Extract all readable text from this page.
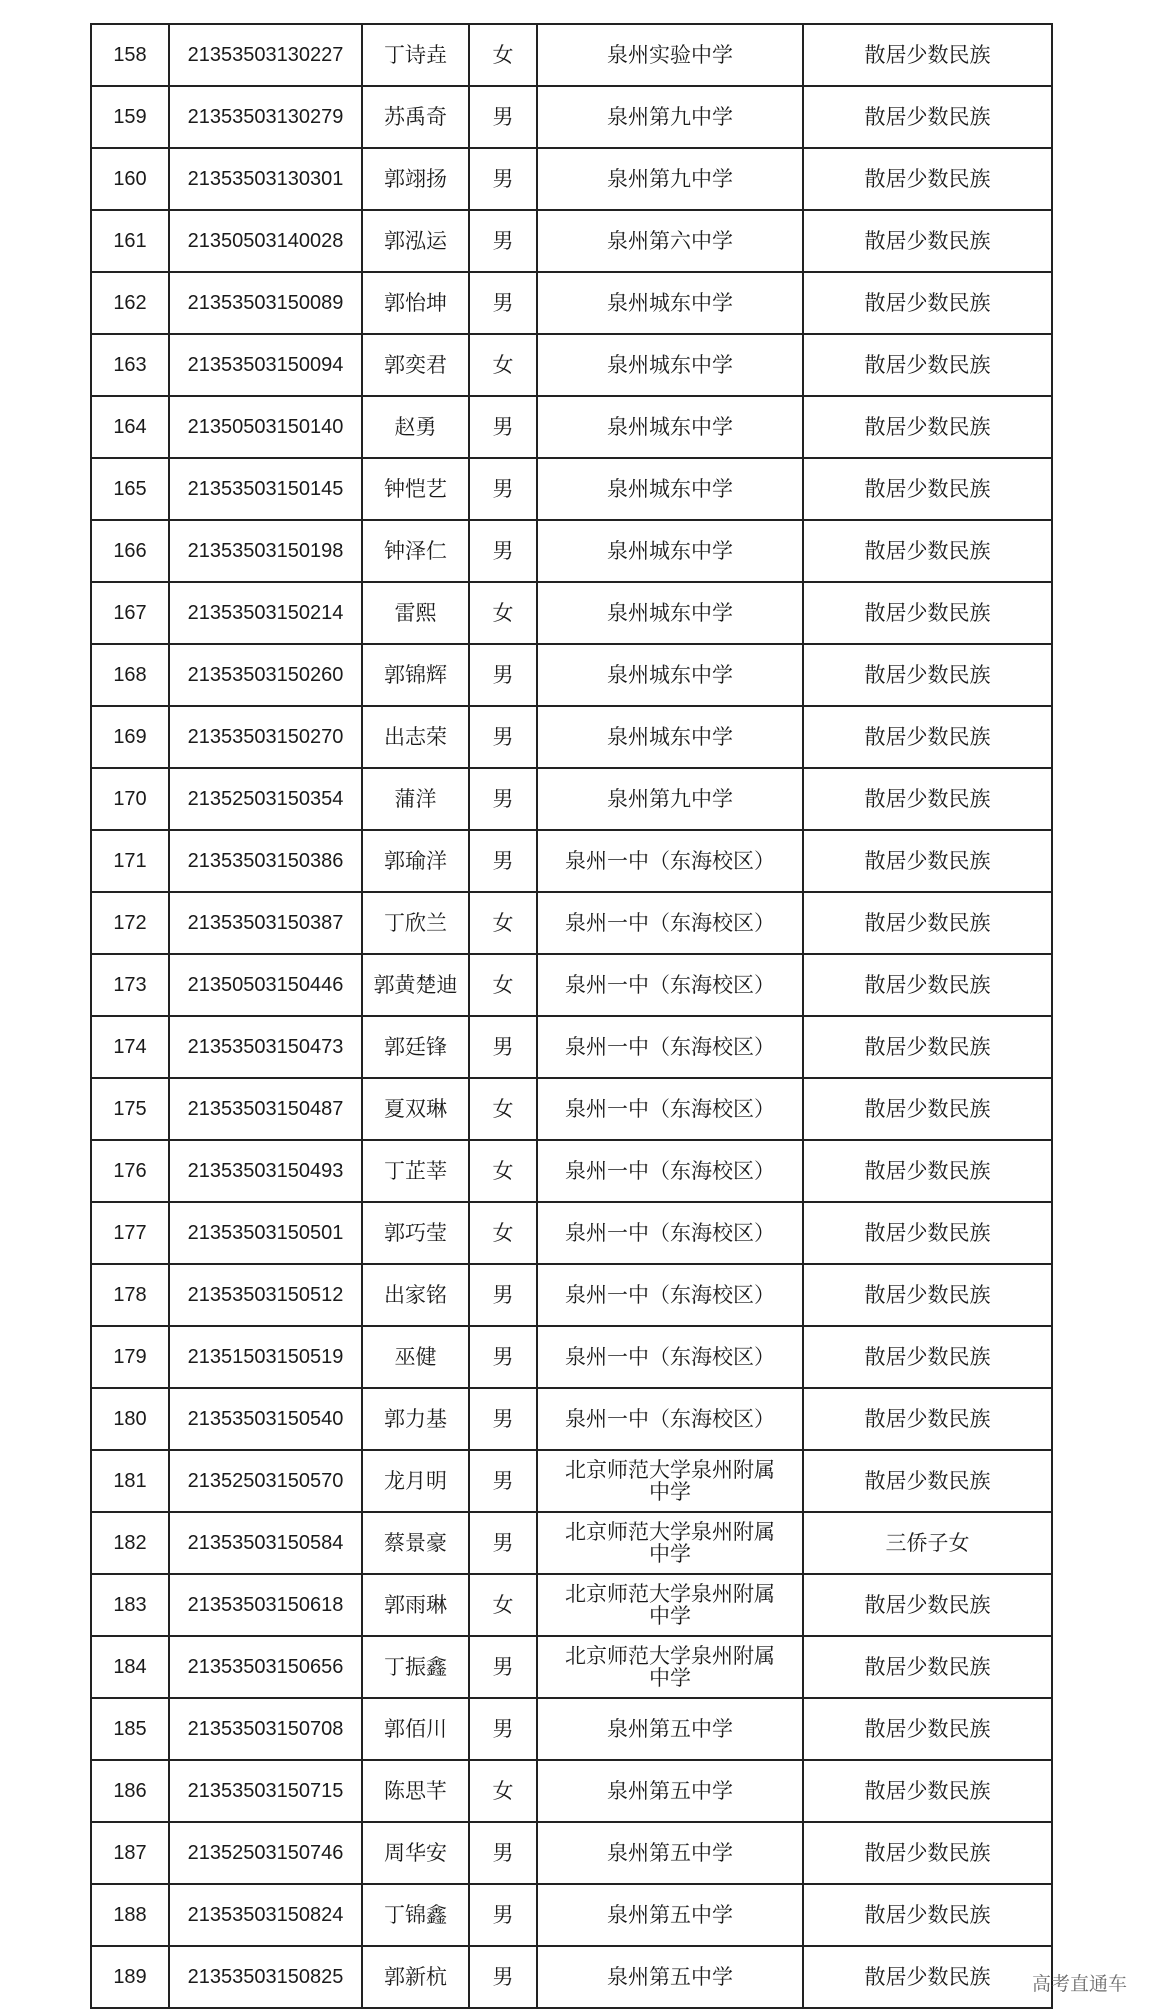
158	21353503130227	丁诗垚	女	泉州实验中学	散居少数民族
159	21353503130279	苏禹奇	男	泉州第九中学	散居少数民族
160	21353503130301	郭翊扬	男	泉州第九中学	散居少数民族
161	21350503140028	郭泓运	男	泉州第六中学	散居少数民族
162	21353503150089	郭怡坤	男	泉州城东中学	散居少数民族
163	21353503150094	郭奕君	女	泉州城东中学	散居少数民族
164	21350503150140	赵勇	男	泉州城东中学	散居少数民族
165	21353503150145	钟恺艺	男	泉州城东中学	散居少数民族
166	21353503150198	钟泽仁	男	泉州城东中学	散居少数民族
167	21353503150214	雷熙	女	泉州城东中学	散居少数民族
168	21353503150260	郭锦辉	男	泉州城东中学	散居少数民族
169	21353503150270	出志荣	男	泉州城东中学	散居少数民族
170	21352503150354	蒲洋	男	泉州第九中学	散居少数民族
171	21353503150386	郭瑜洋	男	泉州一中（东海校区）	散居少数民族
172	21353503150387	丁欣兰	女	泉州一中（东海校区）	散居少数民族
173	21350503150446	郭黄楚迪	女	泉州一中（东海校区）	散居少数民族
174	21353503150473	郭廷锋	男	泉州一中（东海校区）	散居少数民族
175	21353503150487	夏双琳	女	泉州一中（东海校区）	散居少数民族
176	21353503150493	丁芷莘	女	泉州一中（东海校区）	散居少数民族
177	21353503150501	郭巧莹	女	泉州一中（东海校区）	散居少数民族
178	21353503150512	出家铭	男	泉州一中（东海校区）	散居少数民族
179	21351503150519	巫健	男	泉州一中（东海校区）	散居少数民族
180	21353503150540	郭力基	男	泉州一中（东海校区）	散居少数民族
181	21352503150570	龙月明	男	北京师范大学泉州附属中学	散居少数民族
182	21353503150584	蔡景豪	男	北京师范大学泉州附属中学	三侨子女
183	21353503150618	郭雨琳	女	北京师范大学泉州附属中学	散居少数民族
184	21353503150656	丁振鑫	男	北京师范大学泉州附属中学	散居少数民族
185	21353503150708	郭佰川	男	泉州第五中学	散居少数民族
186	21353503150715	陈思芊	女	泉州第五中学	散居少数民族
187	21352503150746	周华安	男	泉州第五中学	散居少数民族
188	21353503150824	丁锦鑫	男	泉州第五中学	散居少数民族
189	21353503150825	郭新杭	男	泉州第五中学	散居少数民族 高考直通车
